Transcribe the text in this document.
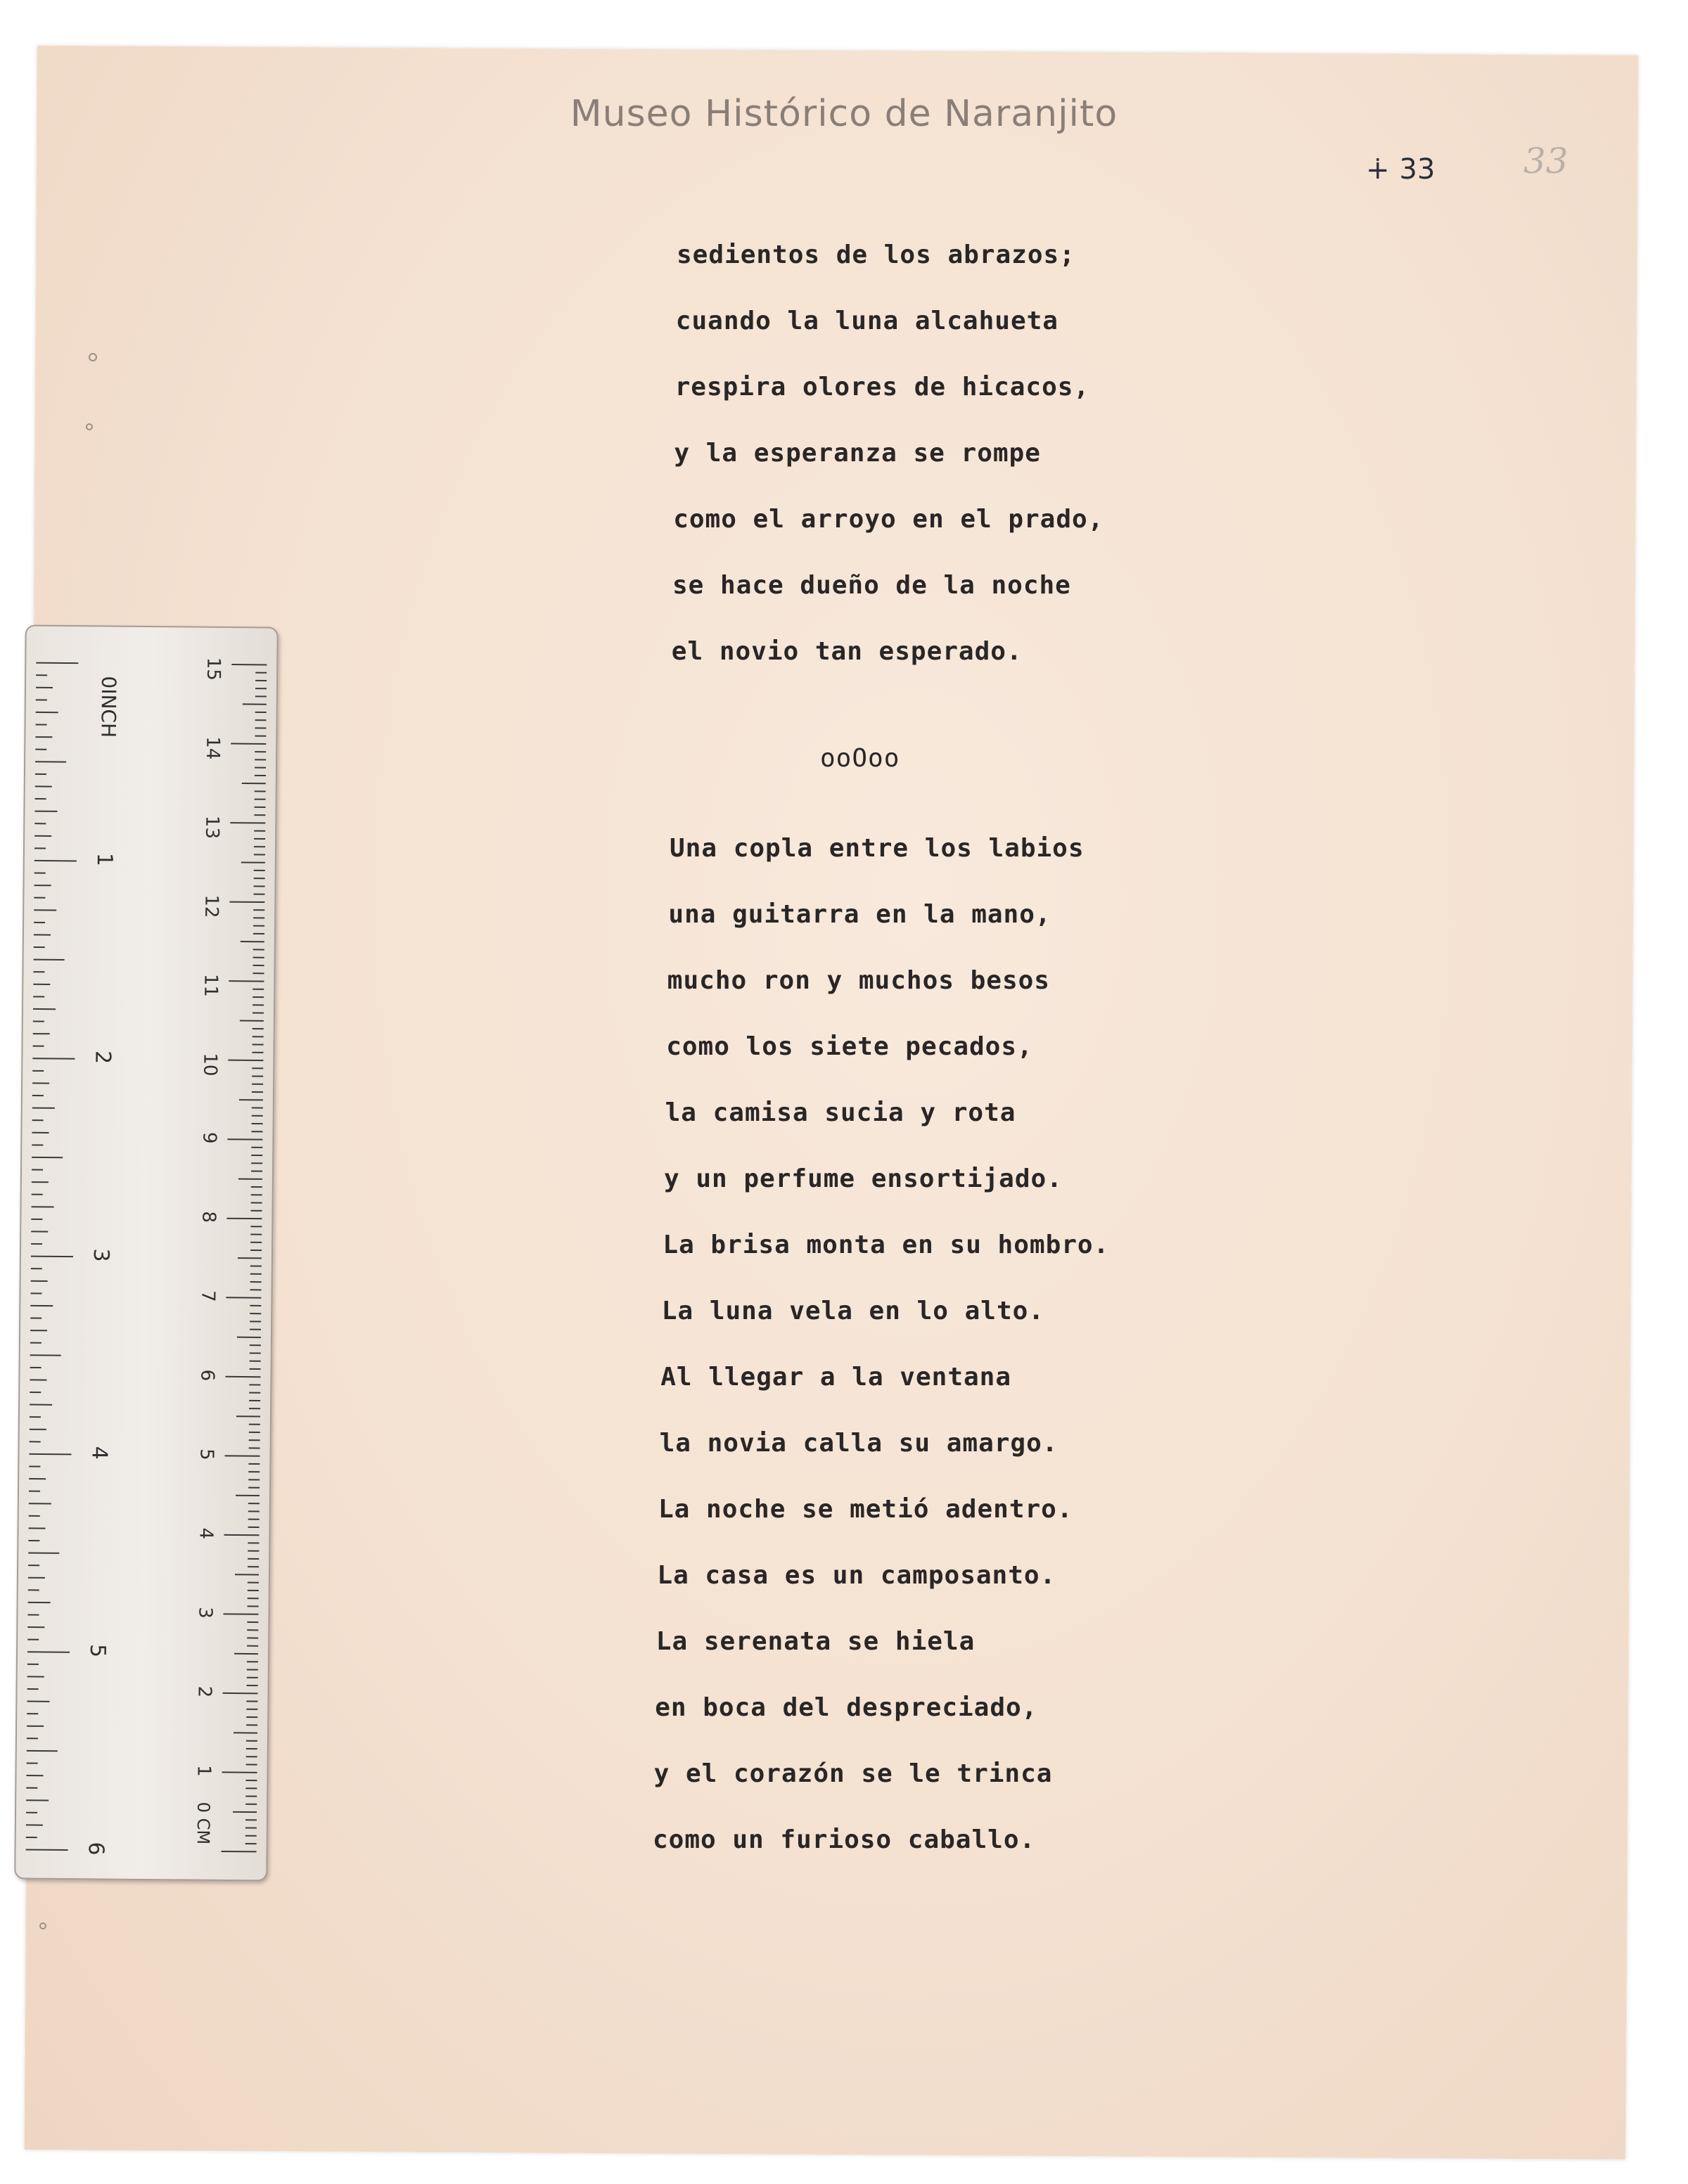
Museo Histórico de Naranjito
∔ 33	33
sedientos de los abrazos;
cuando la luna alcahueta
respira olores de hicacos,
y la esperanza se rompe
como el arroyo en el prado,
se hace dueño de la noche
el novio tan esperado.
ooOoo
Una copla entre los labios
una guitarra en la mano,
mucho ron y muchos besos
como los siete pecados,
la camisa sucia y rota
y un perfume ensortijado.
La brisa monta en su hombro.
La luna vela en lo alto.
Al llegar a la ventana
la novia calla su amargo.
La noche se metió adentro.
La casa es un camposanto.
La serenata se hiela
en boca del despreciado,
y el corazón se le trinca
como un furioso caballo.
0INCH
1
2
3
4
5
6
0 CM
1
2
3
4
5
6
7
8
9
10
11
12
13
14
15
